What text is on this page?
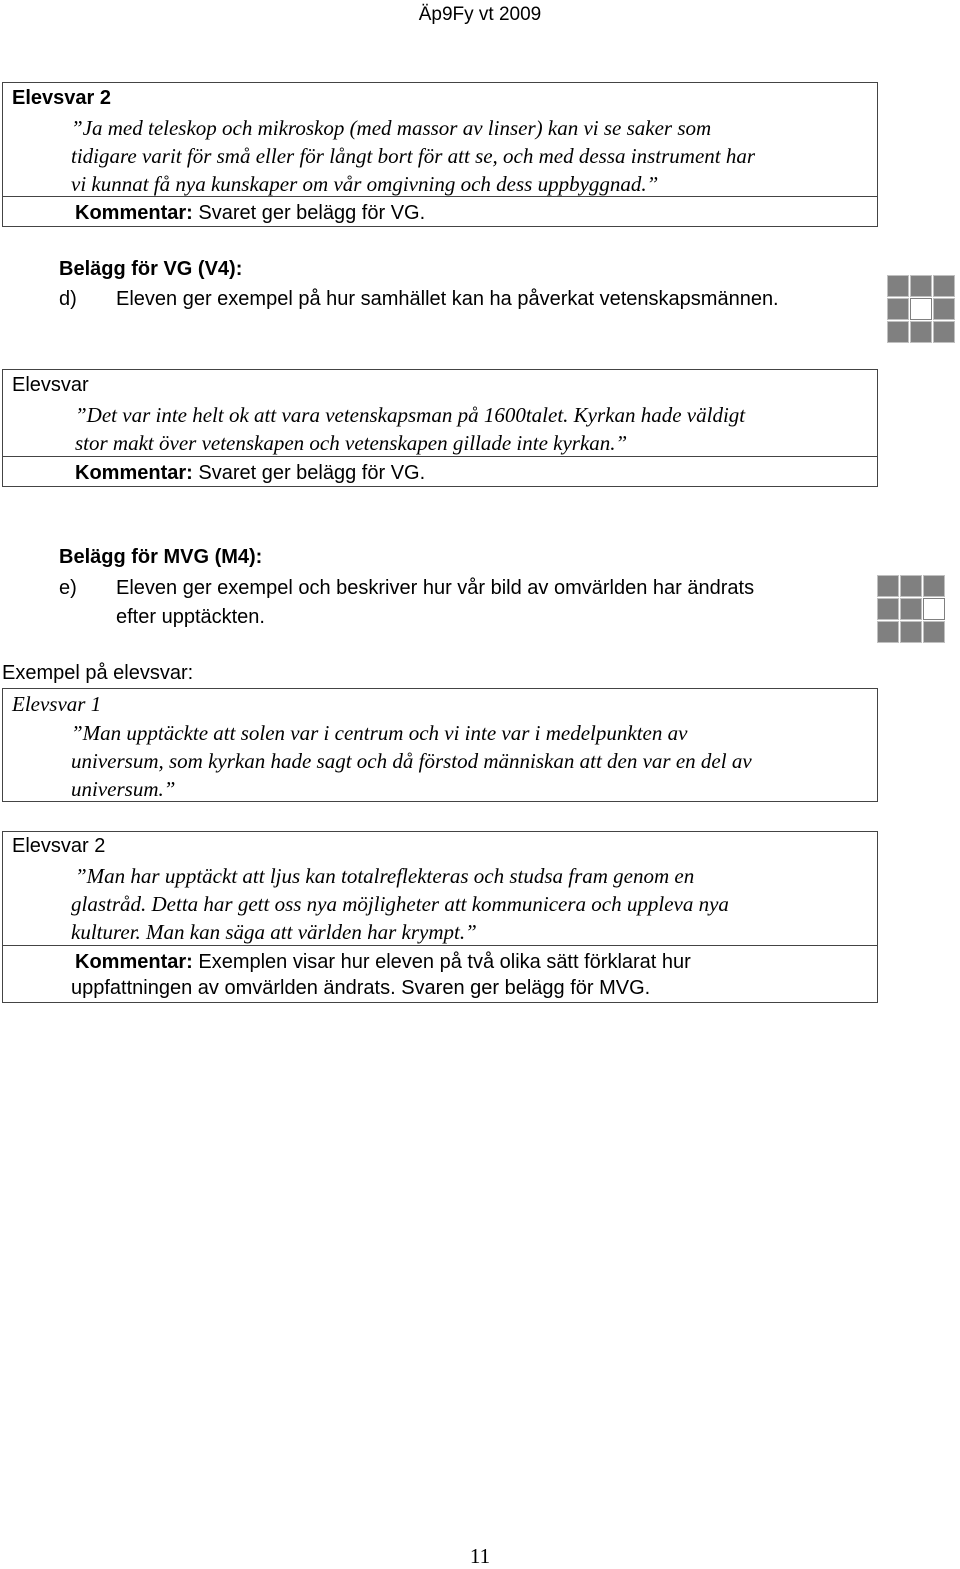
Äp9Fy vt 2009
Elevsvar 2
”Ja med teleskop och mikroskop (med massor av linser) kan vi se saker som
tidigare varit för små eller för långt bort för att se, och med dessa instrument har
vi kunnat få nya kunskaper om vår omgivning och dess uppbyggnad.”
Kommentar: Svaret ger belägg för VG.
Belägg för VG (V4):
d) Eleven ger exempel på hur samhället kan ha påverkat vetenskapsmännen.
Elevsvar
”Det var inte helt ok att vara vetenskapsman på 1600talet. Kyrkan hade väldigt
stor makt över vetenskapen och vetenskapen gillade inte kyrkan.”
Kommentar: Svaret ger belägg för VG.
Belägg för MVG (M4):
e) Eleven ger exempel och beskriver hur vår bild av omvärlden har ändrats
efter upptäckten.
Exempel på elevsvar:
Elevsvar 1
”Man upptäckte att solen var i centrum och vi inte var i medelpunkten av
universum, som kyrkan hade sagt och då förstod människan att den var en del av
universum.”
Elevsvar 2
”Man har upptäckt att ljus kan totalreflekteras och studsa fram genom en
glastråd. Detta har gett oss nya möjligheter att kommunicera och uppleva nya
kulturer. Man kan säga att världen har krympt.”
Kommentar: Exemplen visar hur eleven på två olika sätt förklarat hur
uppfattningen av omvärlden ändrats. Svaren ger belägg för MVG.
11
